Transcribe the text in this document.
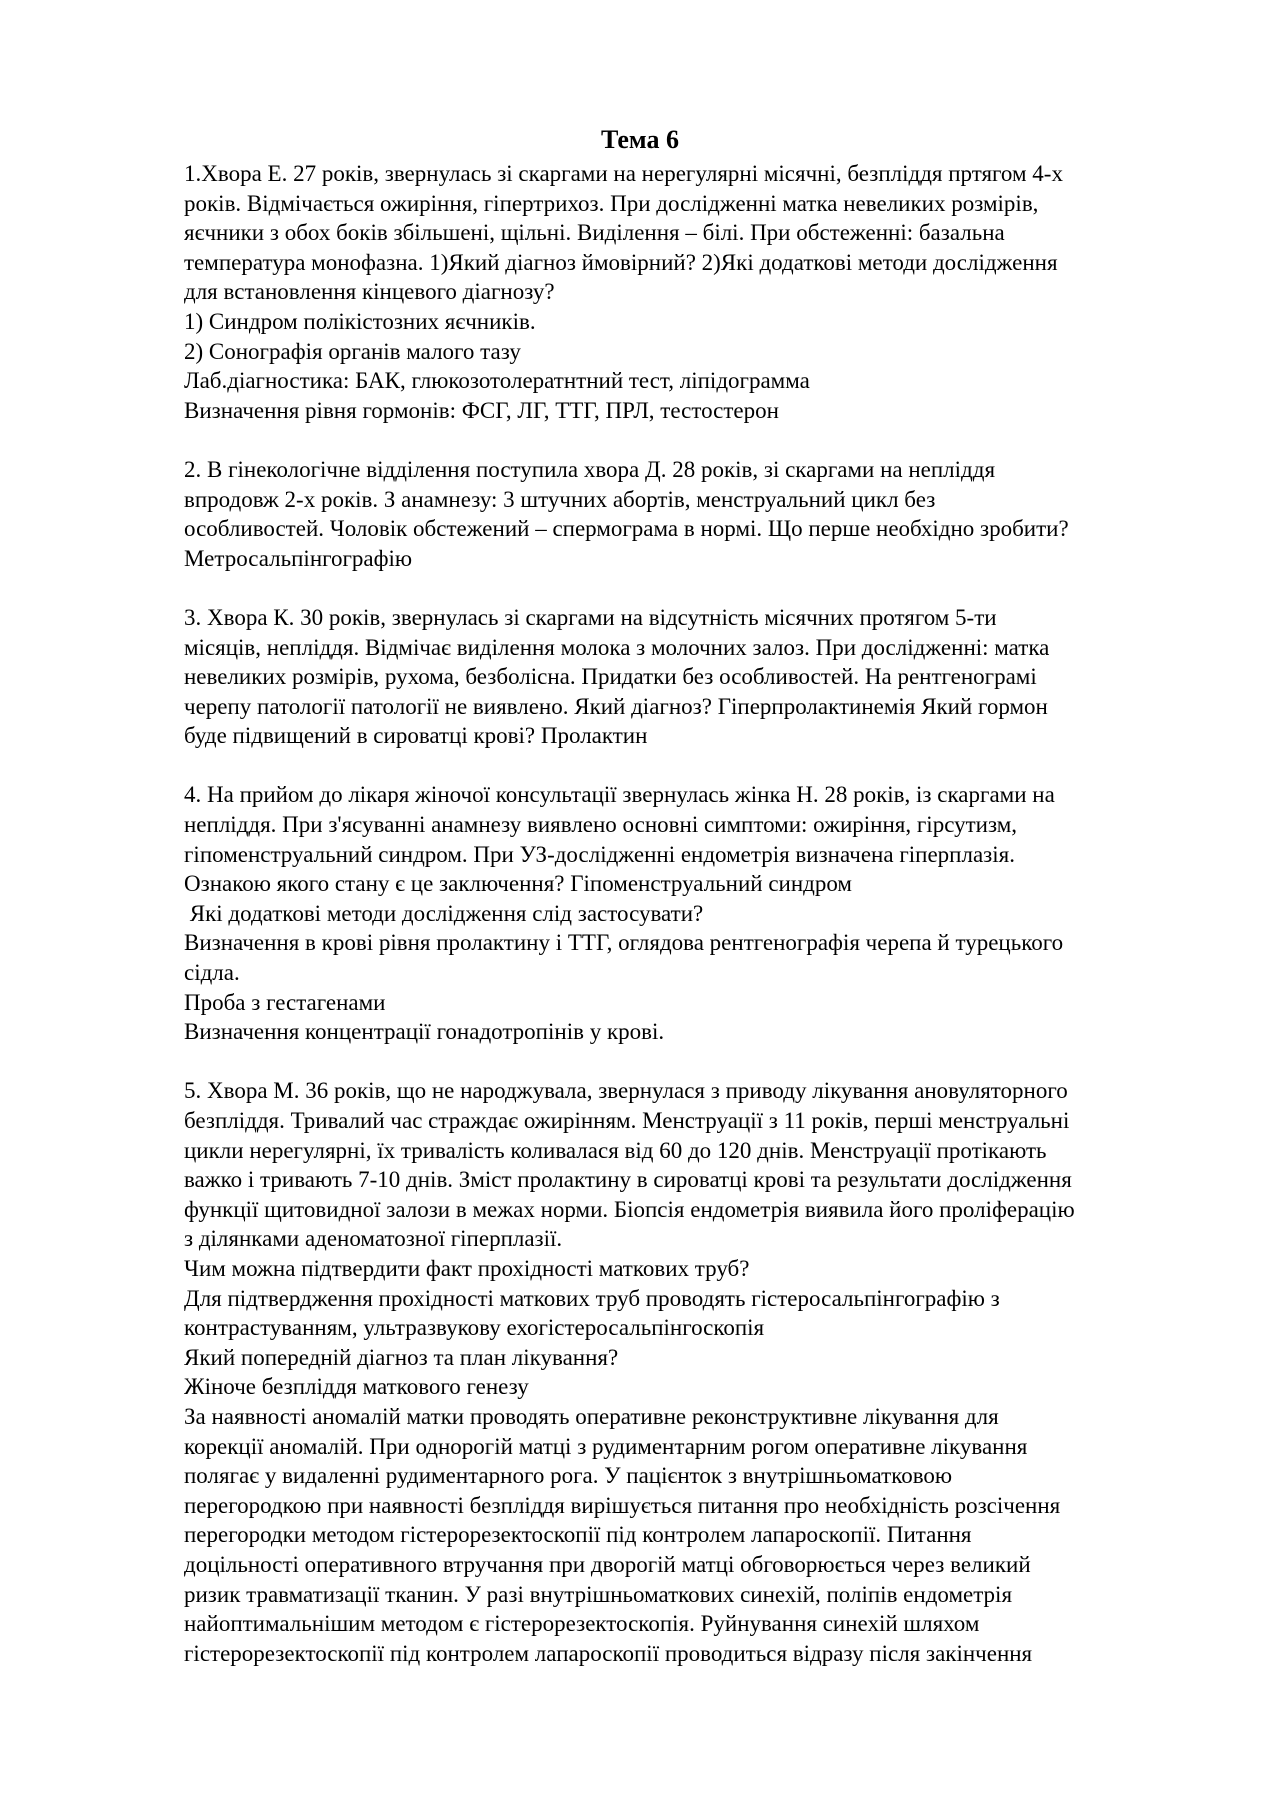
Тема 6
1.Хвора Е. 27 років, звернулась зі скаргами на нерегулярні місячні, безпліддя пртягом 4-х
років. Відмічається ожиріння, гіпертрихоз. При дослідженні матка невеликих розмірів,
яєчники з обох боків збільшені, щільні. Виділення – білі. При обстеженні: базальна
температура монофазна. 1)Який діагноз ймовірний? 2)Які додаткові методи дослідження
для встановлення кінцевого діагнозу?
1) Синдром полікістозних яєчників.
2) Сонографія органів малого тазу
Лаб.діагностика: БАК, глюкозотолератнтний тест, ліпідограмма
Визначення рівня гормонів: ФСГ, ЛГ, ТТГ, ПРЛ, тестостерон
2. В гінекологічне відділення поступила хвора Д. 28 років, зі скаргами на непліддя
впродовж 2-х років. З анамнезу: 3 штучних абортів, менструальний цикл без
особливостей. Чоловік обстежений – спермограма в нормі. Що перше необхідно зробити?
Метросальпінгографію
3. Хвора К. 30 років, звернулась зі скаргами на відсутність місячних протягом 5-ти
місяців, непліддя. Відмічає виділення молока з молочних залоз. При дослідженні: матка
невеликих розмірів, рухома, безболісна. Придатки без особливостей. На рентгенограмі
черепу патології патології не виявлено. Який діагноз? Гіперпролактинемія Який гормон
буде підвищений в сироватці крові? Пролактин
4. На прийом до лікаря жіночої консультації звернулась жінка Н. 28 років, із скаргами на
непліддя. При з'ясуванні анамнезу виявлено основні симптоми: ожиріння, гірсутизм,
гіпоменструальний синдром. При УЗ-дослідженні ендометрія визначена гіперплазія.
Ознакою якого стану є це заключення? Гіпоменструальний синдром
Які додаткові методи дослідження слід застосувати?
Визначення в крові рівня пролактину і ТТГ, оглядова рентгенографія черепа й турецького
сідла.
Проба з гестагенами
Визначення концентрації гонадотропінів у крові.
5. Хвора М. 36 років, що не народжувала, звернулася з приводу лікування ановуляторного
безпліддя. Тривалий час страждає ожирінням. Менструації з 11 років, перші менструальні
цикли нерегулярні, їх тривалість коливалася від 60 до 120 днів. Менструації протікають
важко і тривають 7-10 днів. Зміст пролактину в сироватці крові та результати дослідження
функції щитовидної залози в межах норми. Біопсія ендометрія виявила його проліферацію
з ділянками аденоматозної гіперплазії.
Чим можна підтвердити факт прохідності маткових труб?
Для підтвердження прохідності маткових труб проводять гістеросальпінгографію з
контрастуванням, ультразвукову ехогістеросальпінгоскопія
Який попередній діагноз та план лікування?
Жіноче безпліддя маткового генезу
За наявності аномалій матки проводять оперативне реконструктивне лікування для
корекції аномалій. При однорогій матці з рудиментарним рогом оперативне лікування
полягає у видаленні рудиментарного рога. У пацієнток з внутрішньоматковою
перегородкою при наявності безпліддя вирішується питання про необхідність розсічення
перегородки методом гістерорезектоскопії під контролем лапароскопії. Питання
доцільності оперативного втручання при дворогій матці обговорюється через великий
ризик травматизації тканин. У разі внутрішньоматкових синехій, поліпів ендометрія
найоптимальнішим методом є гістерорезектоскопія. Руйнування синехій шляхом
гістерорезектоскопії під контролем лапароскопії проводиться відразу після закінчення
